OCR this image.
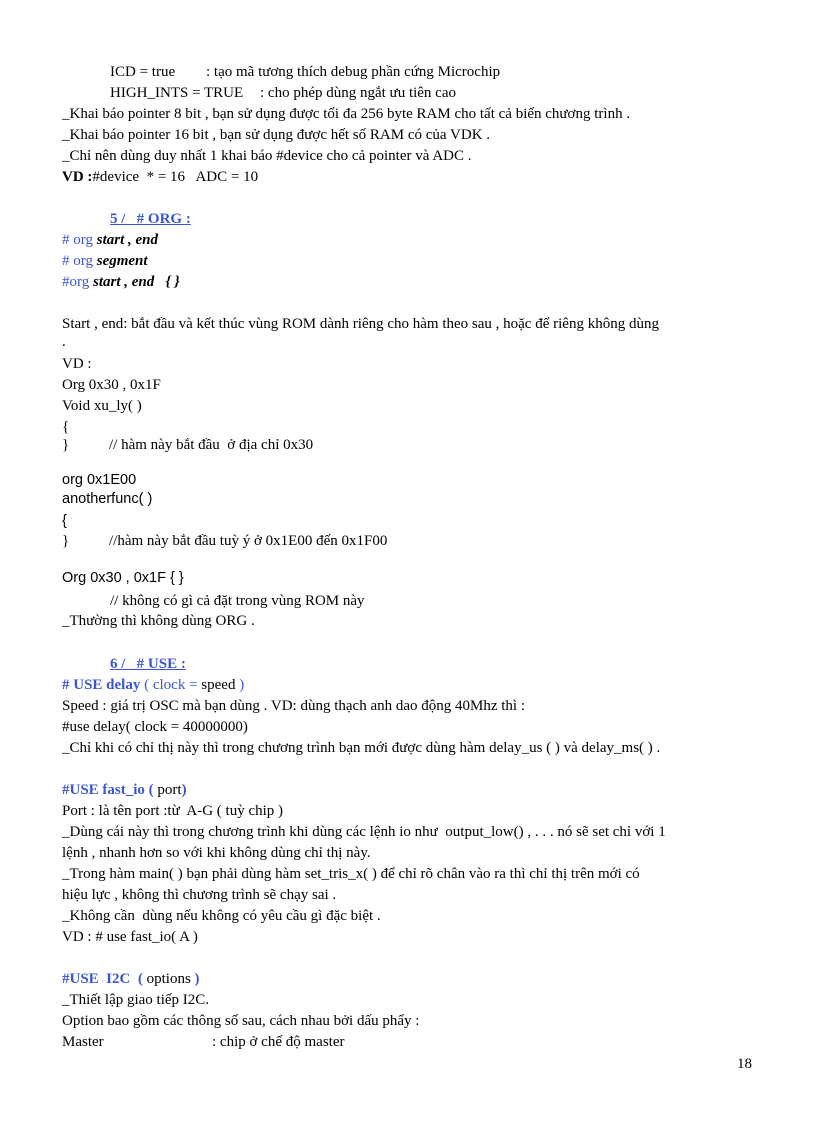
ICD = true : tạo mã tương thích debug phần cứng Microchip
HIGH_INTS = TRUE : cho phép dùng ngắt ưu tiên cao
_Khai báo pointer 8 bit , bạn sử dụng được tối đa 256 byte RAM cho tất cả biến chương trình .
_Khai báo pointer 16 bit , bạn sử dụng được hết số RAM có của VDK .
_Chỉ nên dùng duy nhất 1 khai báo #device cho cả pointer và ADC .
VD :#device  * = 16   ADC = 10
5 /   # ORG :
# org start , end
# org segment
#org start , end   { }
Start , end: bắt đầu và kết thúc vùng ROM dành riêng cho hàm theo sau , hoặc để riêng không dùng
.
VD :
Org 0x30 , 0x1F
Void xu_ly( )
{
}	// hàm này bắt đầu  ở địa chỉ 0x30
org 0x1E00
anotherfunc( )
{
}	//hàm này bắt đầu tuỳ ý ở 0x1E00 đến 0x1F00
Org 0x30 , 0x1F { }
// không có gì cả đặt trong vùng ROM này
_Thường thì không dùng ORG .
6 /   # USE :
# USE delay ( clock = speed )
Speed : giá trị OSC mà bạn dùng . VD: dùng thạch anh dao động 40Mhz thì :
#use delay( clock = 40000000)
_Chỉ khi có chỉ thị này thì trong chương trình bạn mới được dùng hàm delay_us ( ) và delay_ms( ) .
#USE fast_io ( port)
Port : là tên port :từ  A-G ( tuỳ chip )
_Dùng cái này thì trong chương trình khi dùng các lệnh io như  output_low() , . . . nó sẽ set chỉ với 1
lệnh , nhanh hơn so với khi không dùng chỉ thị này.
_Trong hàm main( ) bạn phải dùng hàm set_tris_x( ) để chỉ rõ chân vào ra thì chỉ thị trên mới có
hiệu lực , không thì chương trình sẽ chạy sai .
_Không cần  dùng nếu không có yêu cầu gì đặc biệt .
VD : # use fast_io( A )
#USE  I2C  ( options )
_Thiết lập giao tiếp I2C.
Option bao gồm các thông số sau, cách nhau bởi dấu phẩy :
Master	: chip ở chế độ master
18
